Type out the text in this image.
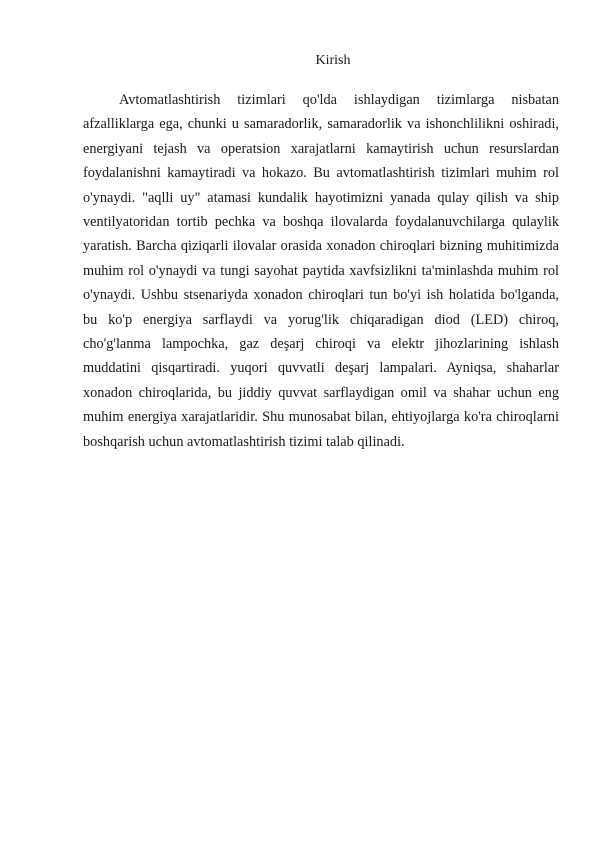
Kirish

Avtomatlashtirish tizimlari qo'lda ishlaydigan tizimlarga nisbatan afzalliklarga ega, chunki u samaradorlik, samaradorlik va ishonchlilikni oshiradi, energiyani tejash va operatsion xarajatlarni kamaytirish uchun resurslardan foydalanishni kamaytiradi va hokazo. Bu avtomatlashtirish tizimlari muhim rol o'ynaydi. "aqlli uy" atamasi kundalik hayotimizni yanada qulay qilish va ship ventilyatoridan tortib pechka va boshqa ilovalarda foydalanuvchilarga qulaylik yaratish. Barcha qiziqarli ilovalar orasida xonadon chiroqlari bizning muhitimizda muhim rol o'ynaydi va tungi sayohat paytida xavfsizlikni ta'minlashda muhim rol o'ynaydi. Ushbu stsenariyda xonadon chiroqlari tun bo'yi ish holatida bo'lganda, bu ko'p energiya sarflaydi va yorug'lik chiqaradigan diod (LED) chiroq, cho'g'lanma lampochka, gaz deşarj chiroqi va elektr jihozlarining ishlash muddatini qisqartiradi. yuqori quvvatli deşarj lampalari. Ayniqsa, shaharlar xonadon chiroqlarida, bu jiddiy quvvat sarflaydigan omil va shahar uchun eng muhim energiya xarajatlaridir. Shu munosabat bilan, ehtiyojlarga ko'ra chiroqlarni boshqarish uchun avtomatlashtirish tizimi talab qilinadi.
